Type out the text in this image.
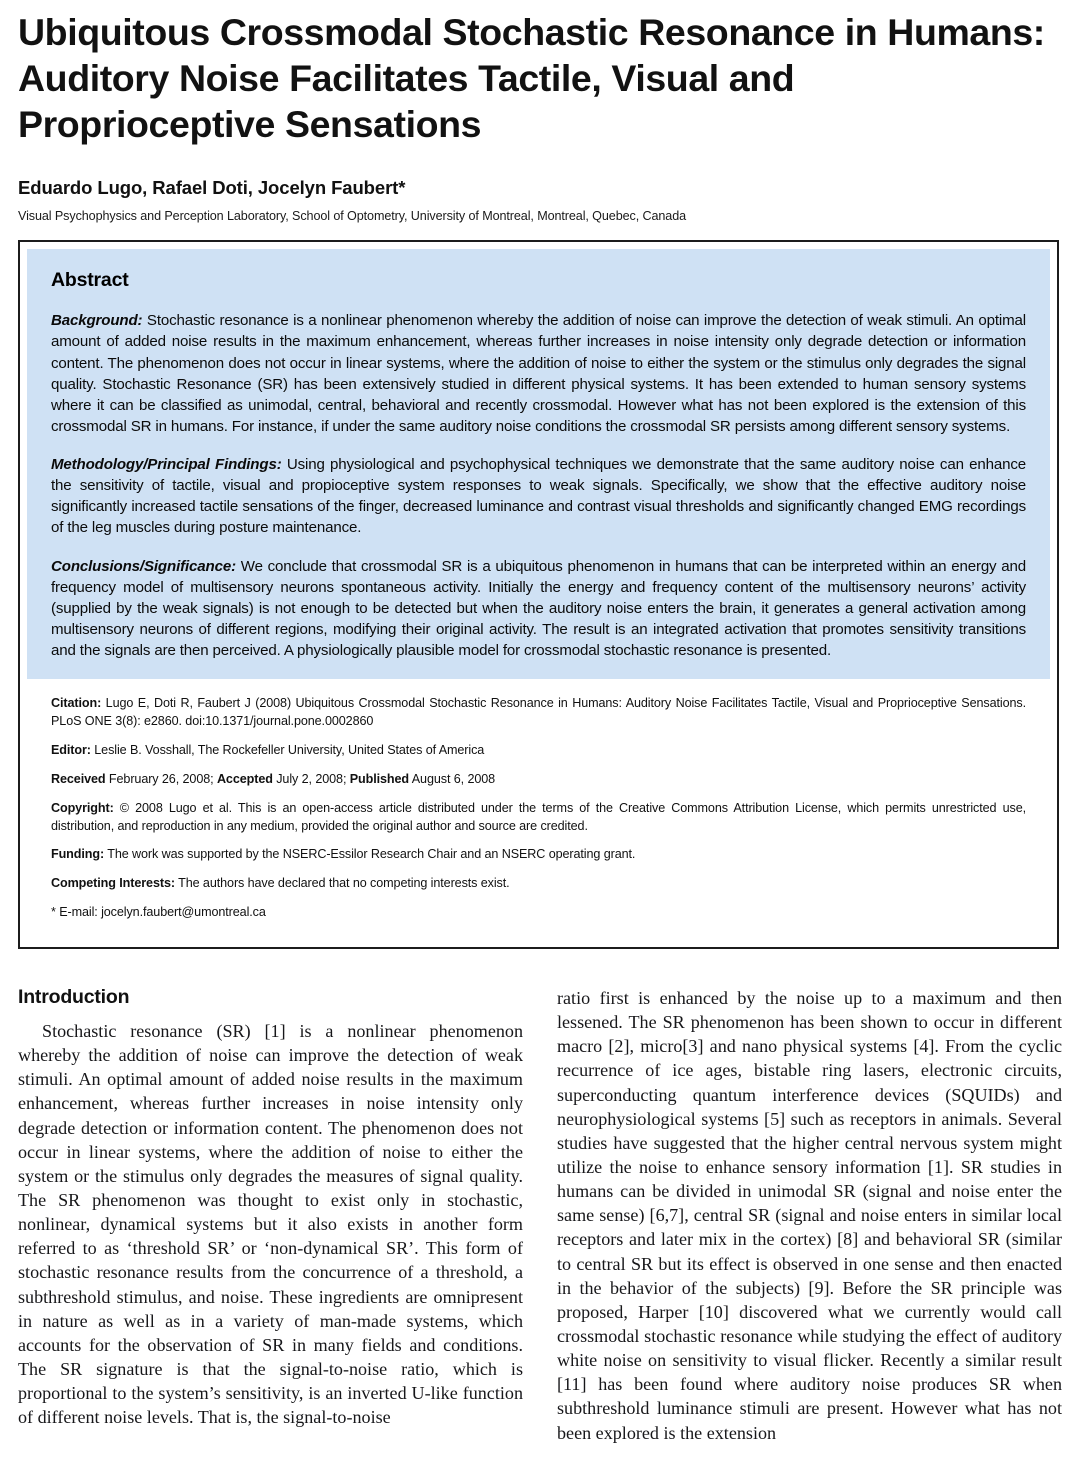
Ubiquitous Crossmodal Stochastic Resonance in Humans: Auditory Noise Facilitates Tactile, Visual and Proprioceptive Sensations
Eduardo Lugo, Rafael Doti, Jocelyn Faubert*
Visual Psychophysics and Perception Laboratory, School of Optometry, University of Montreal, Montreal, Quebec, Canada
Abstract

Background: Stochastic resonance is a nonlinear phenomenon whereby the addition of noise can improve the detection of weak stimuli. An optimal amount of added noise results in the maximum enhancement, whereas further increases in noise intensity only degrade detection or information content. The phenomenon does not occur in linear systems, where the addition of noise to either the system or the stimulus only degrades the signal quality. Stochastic Resonance (SR) has been extensively studied in different physical systems. It has been extended to human sensory systems where it can be classified as unimodal, central, behavioral and recently crossmodal. However what has not been explored is the extension of this crossmodal SR in humans. For instance, if under the same auditory noise conditions the crossmodal SR persists among different sensory systems.

Methodology/Principal Findings: Using physiological and psychophysical techniques we demonstrate that the same auditory noise can enhance the sensitivity of tactile, visual and propioceptive system responses to weak signals. Specifically, we show that the effective auditory noise significantly increased tactile sensations of the finger, decreased luminance and contrast visual thresholds and significantly changed EMG recordings of the leg muscles during posture maintenance.

Conclusions/Significance: We conclude that crossmodal SR is a ubiquitous phenomenon in humans that can be interpreted within an energy and frequency model of multisensory neurons spontaneous activity. Initially the energy and frequency content of the multisensory neurons’ activity (supplied by the weak signals) is not enough to be detected but when the auditory noise enters the brain, it generates a general activation among multisensory neurons of different regions, modifying their original activity. The result is an integrated activation that promotes sensitivity transitions and the signals are then perceived. A physiologically plausible model for crossmodal stochastic resonance is presented.

Citation: Lugo E, Doti R, Faubert J (2008) Ubiquitous Crossmodal Stochastic Resonance in Humans: Auditory Noise Facilitates Tactile, Visual and Proprioceptive Sensations. PLoS ONE 3(8): e2860. doi:10.1371/journal.pone.0002860

Editor: Leslie B. Vosshall, The Rockefeller University, United States of America

Received February 26, 2008; Accepted July 2, 2008; Published August 6, 2008

Copyright: © 2008 Lugo et al. This is an open-access article distributed under the terms of the Creative Commons Attribution License, which permits unrestricted use, distribution, and reproduction in any medium, provided the original author and source are credited.

Funding: The work was supported by the NSERC-Essilor Research Chair and an NSERC operating grant.

Competing Interests: The authors have declared that no competing interests exist.

* E-mail: jocelyn.faubert@umontreal.ca

Introduction

Stochastic resonance (SR) [1] is a nonlinear phenomenon whereby the addition of noise can improve the detection of weak stimuli. An optimal amount of added noise results in the maximum enhancement, whereas further increases in noise intensity only degrade detection or information content. The phenomenon does not occur in linear systems, where the addition of noise to either the system or the stimulus only degrades the measures of signal quality. The SR phenomenon was thought to exist only in stochastic, nonlinear, dynamical systems but it also exists in another form referred to as ‘threshold SR’ or ‘non-dynamical SR’. This form of stochastic resonance results from the concurrence of a threshold, a subthreshold stimulus, and noise. These ingredients are omnipresent in nature as well as in a variety of man-made systems, which accounts for the observation of SR in many fields and conditions. The SR signature is that the signal-to-noise ratio, which is proportional to the system’s sensitivity, is an inverted U-like function of different noise levels. That is, the signal-to-noise

ratio first is enhanced by the noise up to a maximum and then lessened. The SR phenomenon has been shown to occur in different macro [2], micro[3] and nano physical systems [4]. From the cyclic recurrence of ice ages, bistable ring lasers, electronic circuits, superconducting quantum interference devices (SQUIDs) and neurophysiological systems [5] such as receptors in animals. Several studies have suggested that the higher central nervous system might utilize the noise to enhance sensory information [1]. SR studies in humans can be divided in unimodal SR (signal and noise enter the same sense) [6,7], central SR (signal and noise enters in similar local receptors and later mix in the cortex) [8] and behavioral SR (similar to central SR but its effect is observed in one sense and then enacted in the behavior of the subjects) [9]. Before the SR principle was proposed, Harper [10] discovered what we currently would call crossmodal stochastic resonance while studying the effect of auditory white noise on sensitivity to visual flicker. Recently a similar result [11] has been found where auditory noise produces SR when subthreshold luminance stimuli are present. However what has not been explored is the extension
